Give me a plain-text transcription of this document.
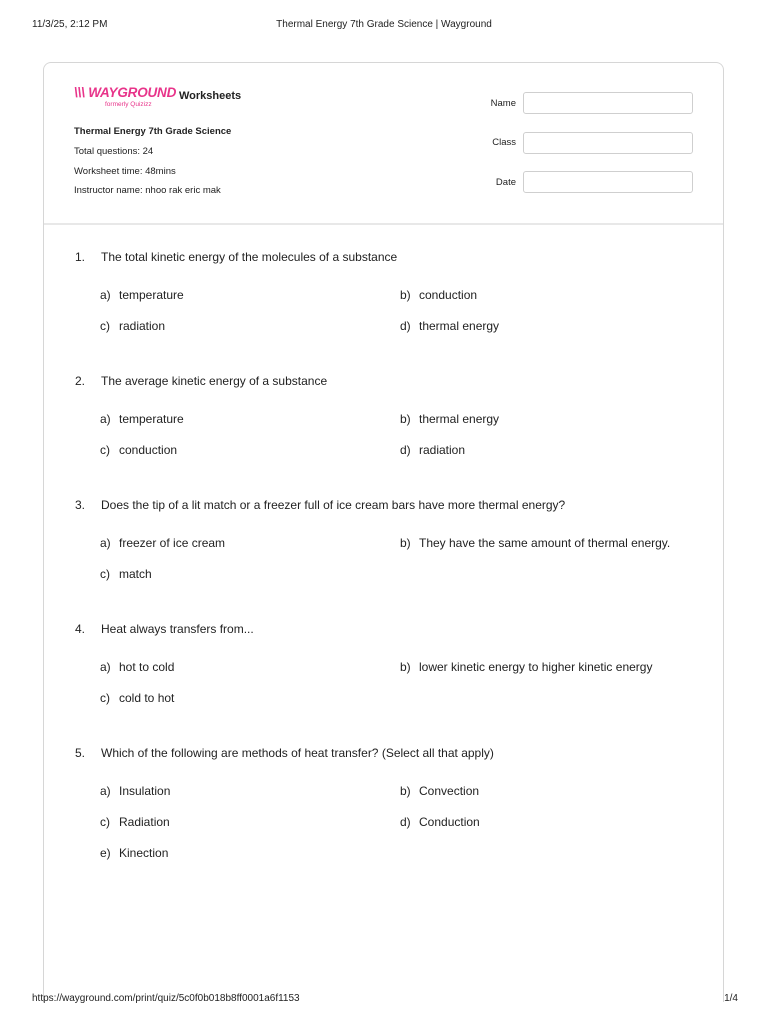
11/3/25, 2:12 PM	Thermal Energy 7th Grade Science | Wayground
\\\ WAYGROUND
formerly Quizizz
Worksheets
Thermal Energy 7th Grade Science
Total questions: 24
Worksheet time: 48mins
Instructor name: nhoo rak eric mak
Name
Class
Date
1. The total kinetic energy of the molecules of a substance
a) temperature	b) conduction
c) radiation	d) thermal energy
2. The average kinetic energy of a substance
a) temperature	b) thermal energy
c) conduction	d) radiation
3. Does the tip of a lit match or a freezer full of ice cream bars have more thermal energy?
a) freezer of ice cream	b) They have the same amount of thermal energy.
c) match
4. Heat always transfers from...
a) hot to cold	b) lower kinetic energy to higher kinetic energy
c) cold to hot
5. Which of the following are methods of heat transfer? (Select all that apply)
a) Insulation	b) Convection
c) Radiation	d) Conduction
e) Kinection
https://wayground.com/print/quiz/5c0f0b018b8ff0001a6f1153	1/4
